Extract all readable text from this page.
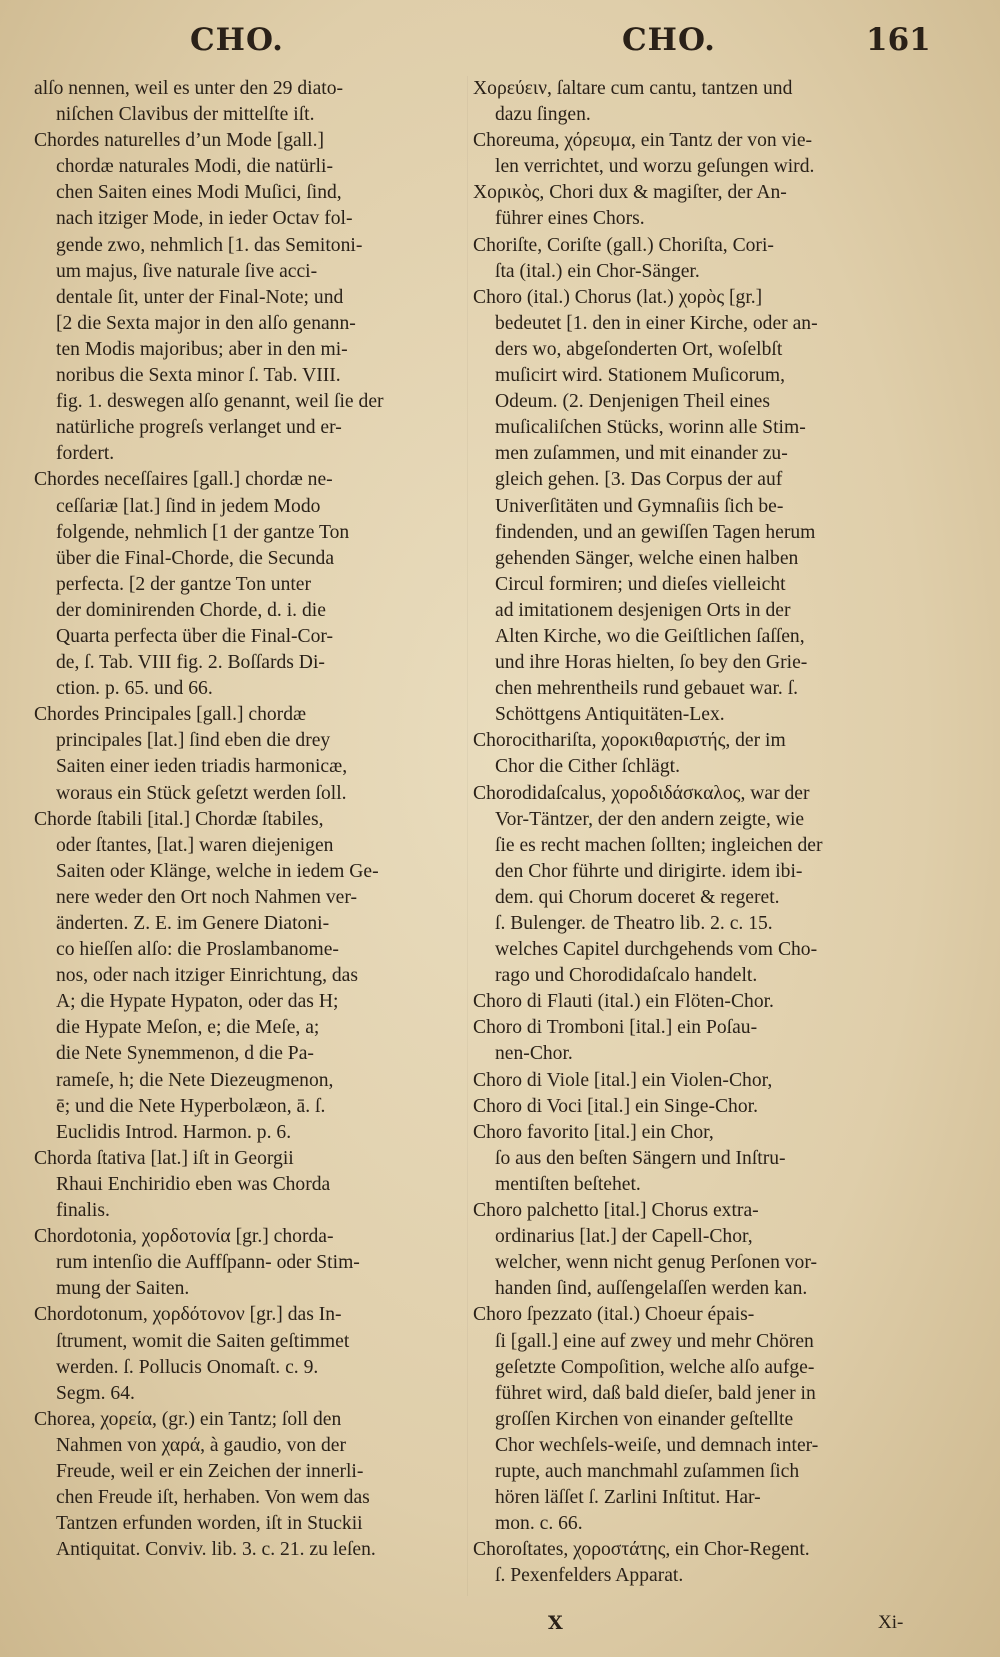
CHO.	CHO.	161
alſo nennen, weil es unter den 29 diato-
niſchen Clavibus der mittelſte iſt.
Chordes naturelles d’un Mode [gall.]
chordæ naturales Modi, die natürli-
chen Saiten eines Modi Muſici, ſind,
nach itziger Mode, in ieder Octav fol-
gende zwo, nehmlich [1. das Semitoni-
um majus, ſive naturale ſive acci-
dentale ſit, unter der Final-Note; und
[2 die Sexta major in den alſo genann-
ten Modis majoribus; aber in den mi-
noribus die Sexta minor ſ. Tab. VIII.
fig. 1. deswegen alſo genannt, weil ſie der
natürliche progreſs verlanget und er-
fordert.
Chordes neceſſaires [gall.] chordæ ne-
ceſſariæ [lat.] ſind in jedem Modo
folgende, nehmlich [1 der gantze Ton
über die Final-Chorde, die Secunda
perfecta. [2 der gantze Ton unter
der dominirenden Chorde, d. i. die
Quarta perfecta über die Final-Cor-
de, ſ. Tab. VIII fig. 2. Boſſards Di-
ction. p. 65. und 66.
Chordes Principales [gall.] chordæ
principales [lat.] ſind eben die drey
Saiten einer ieden triadis harmonicæ,
woraus ein Stück geſetzt werden ſoll.
Chorde ſtabili [ital.] Chordæ ſtabiles,
oder ſtantes, [lat.] waren diejenigen
Saiten oder Klänge, welche in iedem Ge-
nere weder den Ort noch Nahmen ver-
änderten. Z. E. im Genere Diatoni-
co hieſſen alſo: die Proslambanome-
nos, oder nach itziger Einrichtung, das
A; die Hypate Hypaton, oder das H;
die Hypate Meſon, e; die Meſe, a;
die Nete Synemmenon, d die Pa-
rameſe, h; die Nete Diezeugmenon,
ē; und die Nete Hyperbolæon, ā. ſ.
Euclidis Introd. Harmon. p. 6.
Chorda ſtativa [lat.] iſt in Georgii
Rhaui Enchiridio eben was Chorda
finalis.
Chordotonia, χορδοτονία [gr.] chorda-
rum intenſio die Auffſpann- oder Stim-
mung der Saiten.
Chordotonum, χορδότονον [gr.] das In-
ſtrument, womit die Saiten geſtimmet
werden. ſ. Pollucis Onomaſt. c. 9.
Segm. 64.
Chorea, χορεία, (gr.) ein Tantz; ſoll den
Nahmen von χαρά, à gaudio, von der
Freude, weil er ein Zeichen der innerli-
chen Freude iſt, herhaben. Von wem das
Tantzen erfunden worden, iſt in Stuckii
Antiquitat. Conviv. lib. 3. c. 21. zu leſen.
Χορεύειν, ſaltare cum cantu, tantzen und
dazu ſingen.
Choreuma, χόρευμα, ein Tantz der von vie-
len verrichtet, und worzu geſungen wird.
Χορικὸς, Chori dux & magiſter, der An-
führer eines Chors.
Choriſte, Coriſte (gall.) Choriſta, Cori-
ſta (ital.) ein Chor-Sänger.
Choro (ital.) Chorus (lat.) χορὸς [gr.]
bedeutet [1. den in einer Kirche, oder an-
ders wo, abgeſonderten Ort, woſelbſt
muſicirt wird. Stationem Muſicorum,
Odeum. (2. Denjenigen Theil eines
muſicaliſchen Stücks, worinn alle Stim-
men zuſammen, und mit einander zu-
gleich gehen. [3. Das Corpus der auf
Univerſitäten und Gymnaſiis ſich be-
findenden, und an gewiſſen Tagen herum
gehenden Sänger, welche einen halben
Circul formiren; und dieſes vielleicht
ad imitationem desjenigen Orts in der
Alten Kirche, wo die Geiſtlichen ſaſſen,
und ihre Horas hielten, ſo bey den Grie-
chen mehrentheils rund gebauet war. ſ.
Schöttgens Antiquitäten-Lex.
Chorocithariſta, χοροκιθαριστής, der im
Chor die Cither ſchlägt.
Chorodidaſcalus, χοροδιδάσκαλος, war der
Vor-Täntzer, der den andern zeigte, wie
ſie es recht machen ſollten; ingleichen der
den Chor führte und dirigirte. idem ibi-
dem. qui Chorum doceret & regeret.
ſ. Bulenger. de Theatro lib. 2. c. 15.
welches Capitel durchgehends vom Cho-
rago und Chorodidaſcalo handelt.
Choro di Flauti (ital.) ein Flöten-Chor.
Choro di Tromboni [ital.] ein Poſau-
nen-Chor.
Choro di Viole [ital.] ein Violen-Chor,
Choro di Voci [ital.] ein Singe-Chor.
Choro favorito [ital.] ein Chor,
ſo aus den beſten Sängern und Inſtru-
mentiſten beſtehet.
Choro palchetto [ital.] Chorus extra-
ordinarius [lat.] der Capell-Chor,
welcher, wenn nicht genug Perſonen vor-
handen ſind, auſſengelaſſen werden kan.
Choro ſpezzato (ital.) Choeur épais-
ſi [gall.] eine auf zwey und mehr Chören
geſetzte Compoſition, welche alſo aufge-
führet wird, daß bald dieſer, bald jener in
groſſen Kirchen von einander geſtellte
Chor wechſels-weiſe, und demnach inter-
rupte, auch manchmahl zuſammen ſich
hören läſſet ſ. Zarlini Inſtitut. Har-
mon. c. 66.
Choroſtates, χοροστάτης, ein Chor-Regent.
ſ. Pexenfelders Apparat.
X	Xi-
